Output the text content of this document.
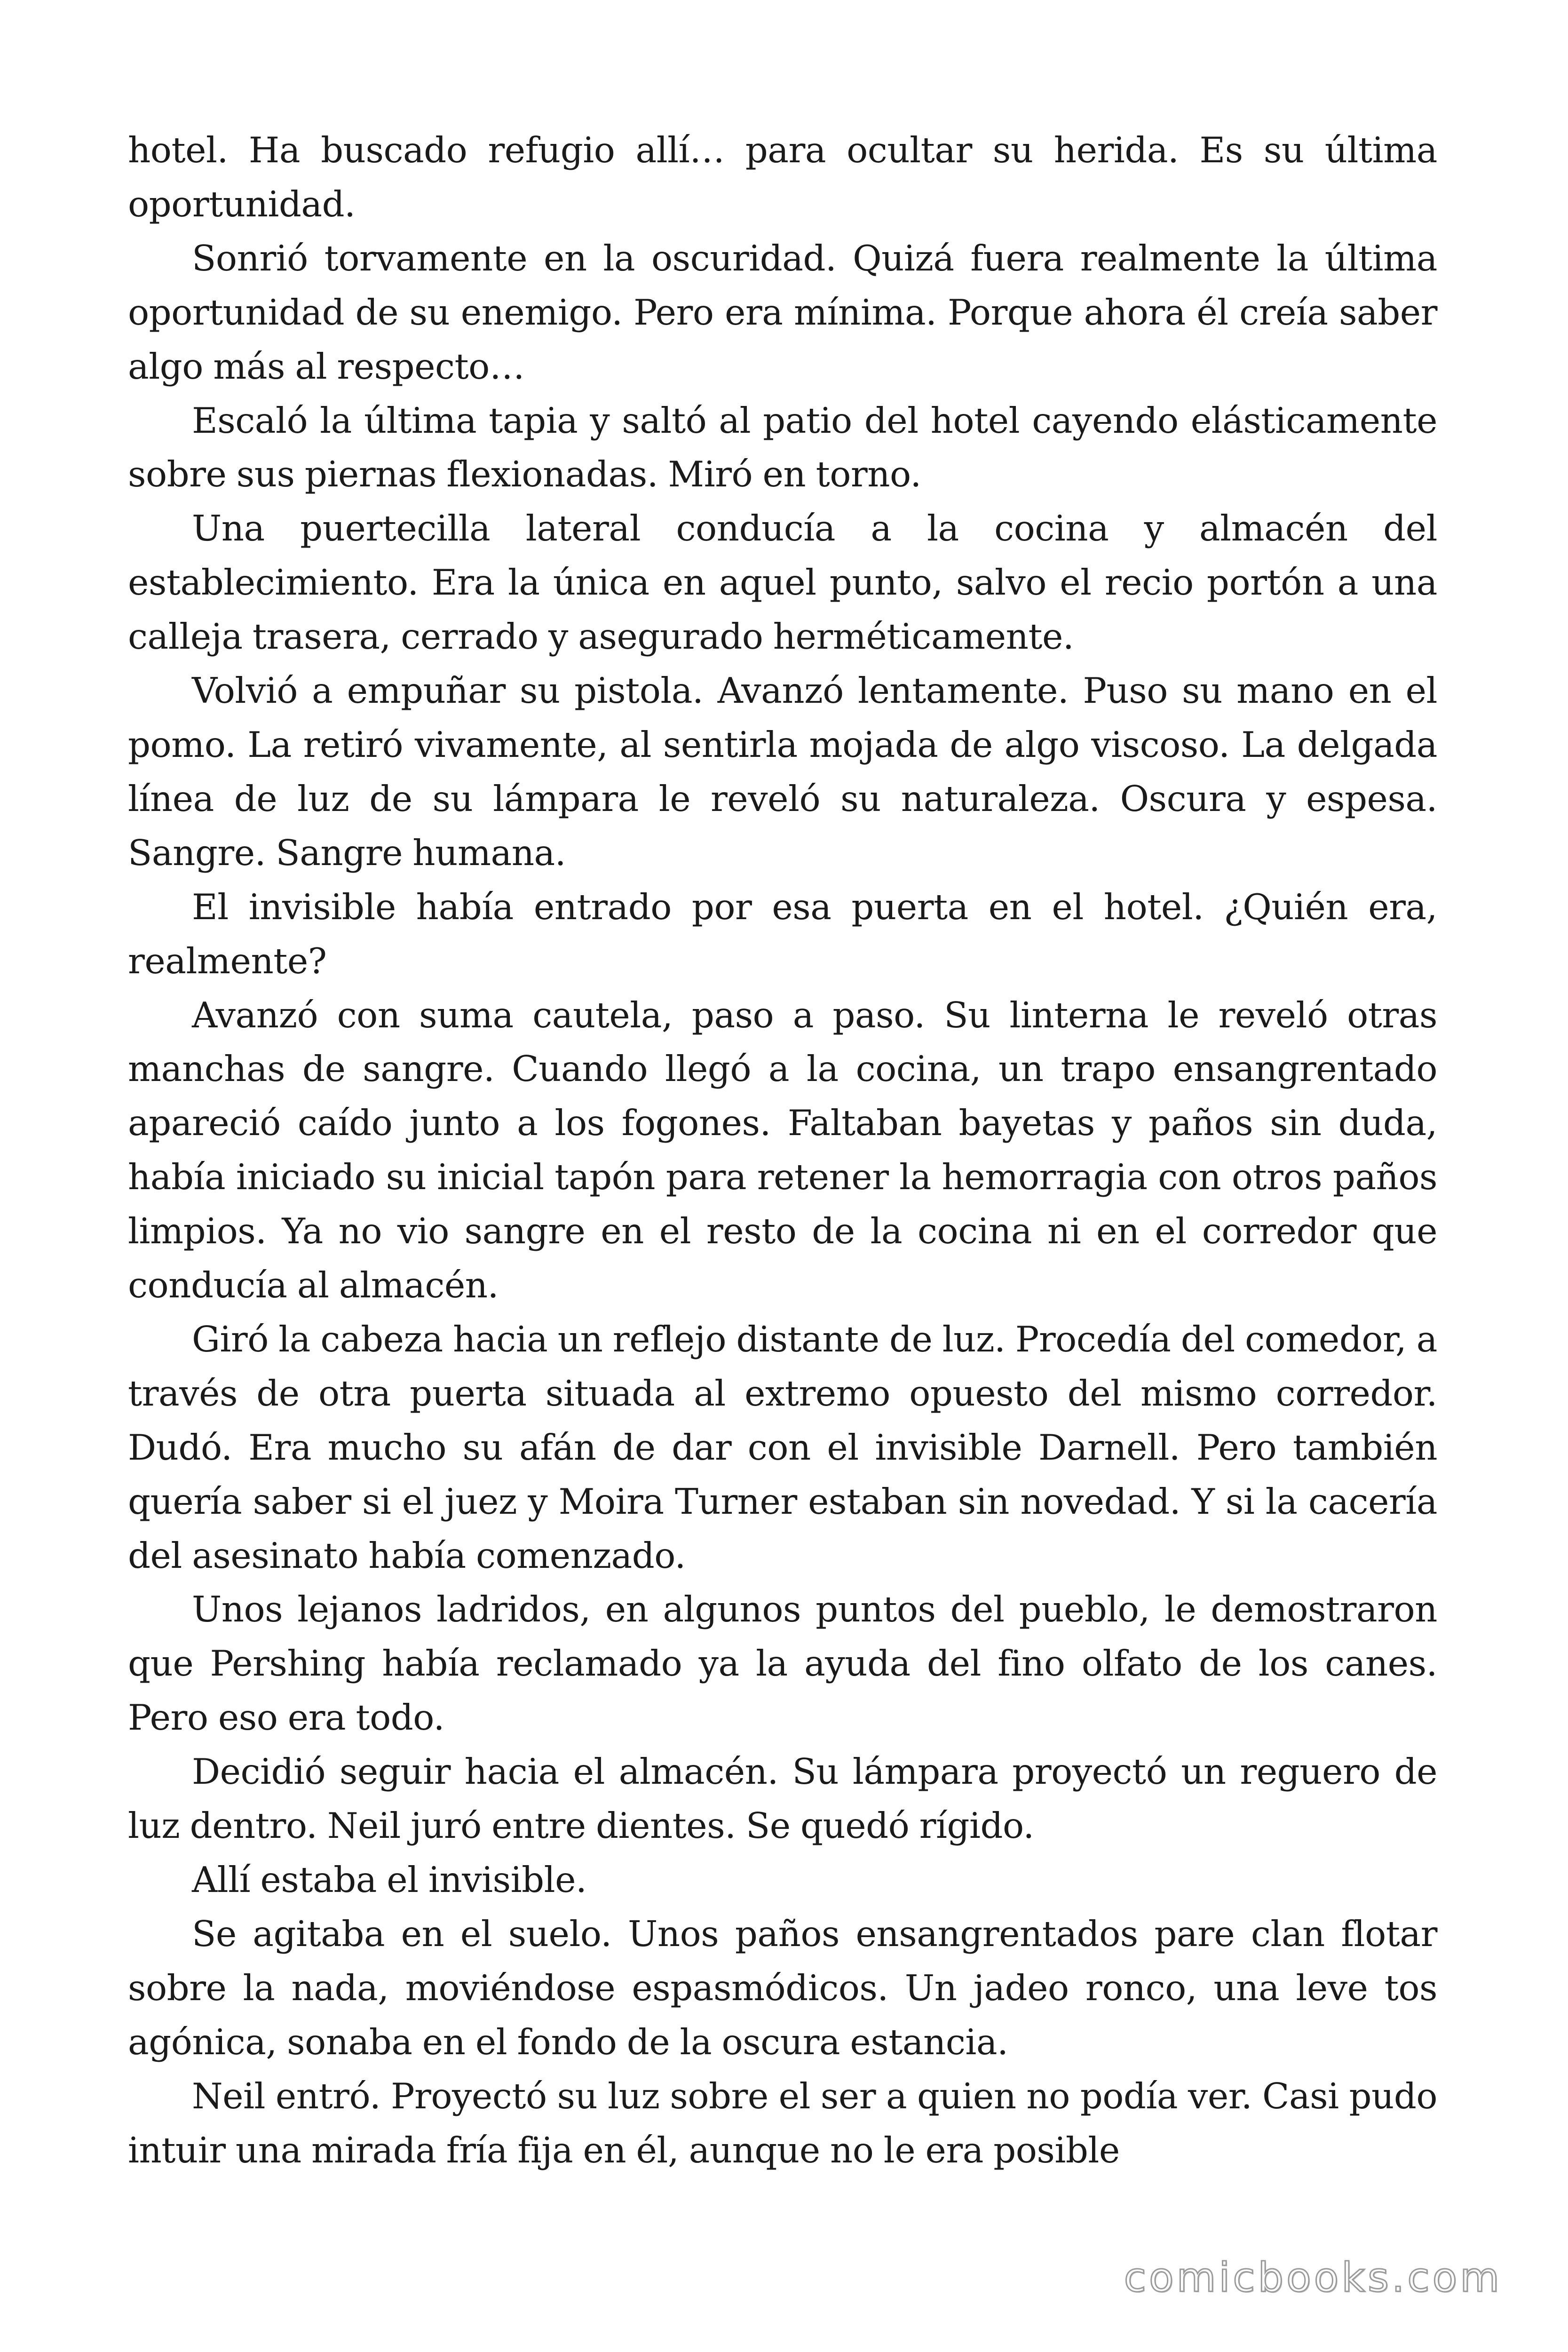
hotel. Ha buscado refugio allí… para ocultar su herida. Es su última oportunidad.

Sonrió torvamente en la oscuridad. Quizá fuera realmente la última oportunidad de su enemigo. Pero era mínima. Porque ahora él creía saber algo más al respecto…

Escaló la última tapia y saltó al patio del hotel cayendo elásticamente sobre sus piernas flexionadas. Miró en torno.

Una puertecilla lateral conducía a la cocina y almacén del establecimiento. Era la única en aquel punto, salvo el recio portón a una calleja trasera, cerrado y asegurado herméticamente.

Volvió a empuñar su pistola. Avanzó lentamente. Puso su mano en el pomo. La retiró vivamente, al sentirla mojada de algo viscoso. La delgada línea de luz de su lámpara le reveló su naturaleza. Oscura y espesa. Sangre. Sangre humana.

El invisible había entrado por esa puerta en el hotel. ¿Quién era, realmente?

Avanzó con suma cautela, paso a paso. Su linterna le reveló otras manchas de sangre. Cuando llegó a la cocina, un trapo ensangrentado apareció caído junto a los fogones. Faltaban bayetas y paños sin duda, había iniciado su inicial tapón para retener la hemorragia con otros paños limpios. Ya no vio sangre en el resto de la cocina ni en el corredor que conducía al almacén.

Giró la cabeza hacia un reflejo distante de luz. Procedía del comedor, a través de otra puerta situada al extremo opuesto del mismo corredor. Dudó. Era mucho su afán de dar con el invisible Darnell. Pero también quería saber si el juez y Moira Turner estaban sin novedad. Y si la cacería del asesinato había comenzado.

Unos lejanos ladridos, en algunos puntos del pueblo, le demostraron que Pershing había reclamado ya la ayuda del fino olfato de los canes. Pero eso era todo.

Decidió seguir hacia el almacén. Su lámpara proyectó un reguero de luz dentro. Neil juró entre dientes. Se quedó rígido.

Allí estaba el invisible.

Se agitaba en el suelo. Unos paños ensangrentados pare clan flotar sobre la nada, moviéndose espasmódicos. Un jadeo ronco, una leve tos agónica, sonaba en el fondo de la oscura estancia.

Neil entró. Proyectó su luz sobre el ser a quien no podía ver. Casi pudo intuir una mirada fría fija en él, aunque no le era posible

comicbooks.com
